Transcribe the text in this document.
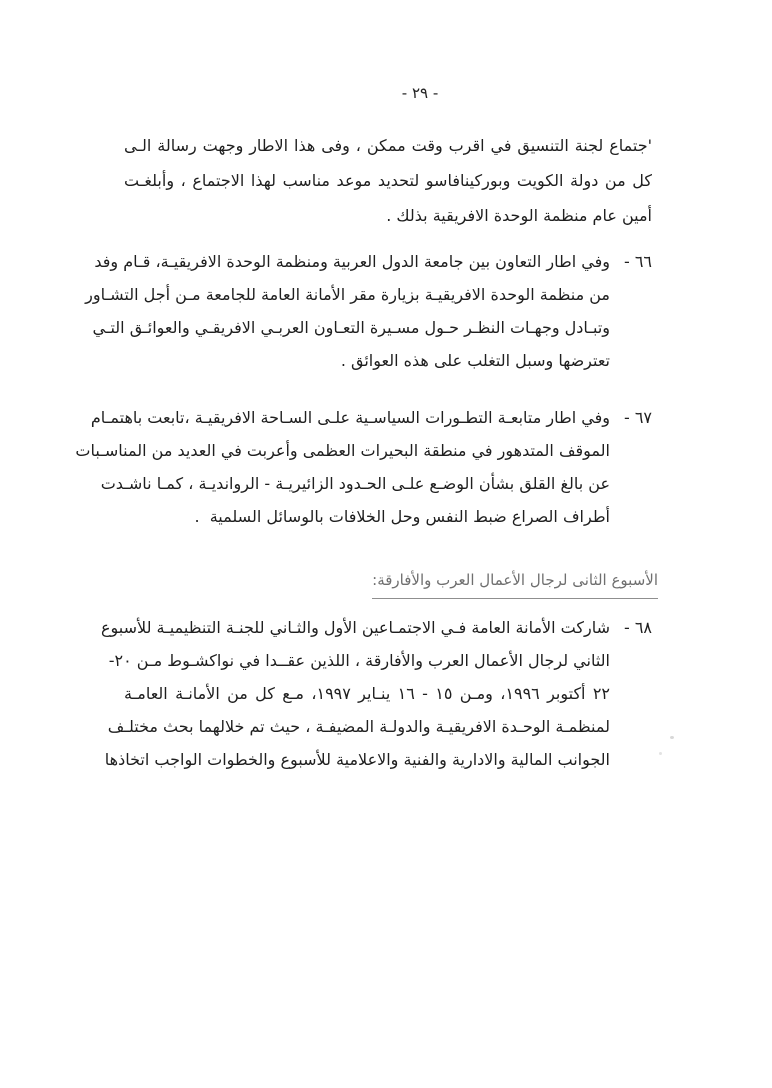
- ٢٩ -
'جتماع لجنة التنسيق في اقرب وقت ممكن ، وفى هذا الاطار وجهت رسالة الـى
كل من دولة الكويت وبوركينافاسو لتحديد موعد مناسب لهذا الاجتماع ، وأبلغـت
أمين عام منظمة الوحدة الافريقية بذلك .
٦٦ -
وفي اطار التعاون بين جامعة الدول العربية ومنظمة الوحدة الافريقيـة، قـام وفد
من منظمة الوحدة الافريقيـة بزيارة مقر الأمانة العامة للجامعة مـن أجل التشـاور
وتبـادل وجهـات النظـر حـول مسـيرة التعـاون العربـي الافريقـي والعوائـق التـي
تعترضها وسبل التغلب على هذه العوائق .
٦٧ -
وفي اطار متابعـة التطـورات السياسـية علـى السـاحة الافريقيـة ،تابعت باهتمـام
الموقف المتدهور في منطقة البحيرات العظمى وأعربت في العديد من المناسـبات
عن بالغ القلق بشأن الوضـع علـى الحـدود الزائيريـة - الروانديـة ، كمـا ناشـدت
أطراف الصراع ضبط النفس وحل الخلافات بالوسائل السلمية  .
الأسبوع الثانى لرجال الأعمال العرب والأفارقة:
٦٨ -
شاركت الأمانة العامة فـي الاجتمـاعين الأول والثـاني للجنـة التنظيميـة للأسبوع
الثاني لرجال الأعمال العرب والأفارقة ، اللذين عقــدا في نواكشـوط مـن ٢٠-
٢٢ أكتوبر ١٩٩٦، ومـن ١٥ - ١٦ ينـاير ١٩٩٧، مـع كل من الأمانـة العامـة
لمنظمـة الوحـدة الافريقيـة والدولـة المضيفـة ، حيث تم خلالهما بحث مختلـف
الجوانب المالية والادارية والفنية والاعلامية للأسبوع والخطوات الواجب اتخاذها
